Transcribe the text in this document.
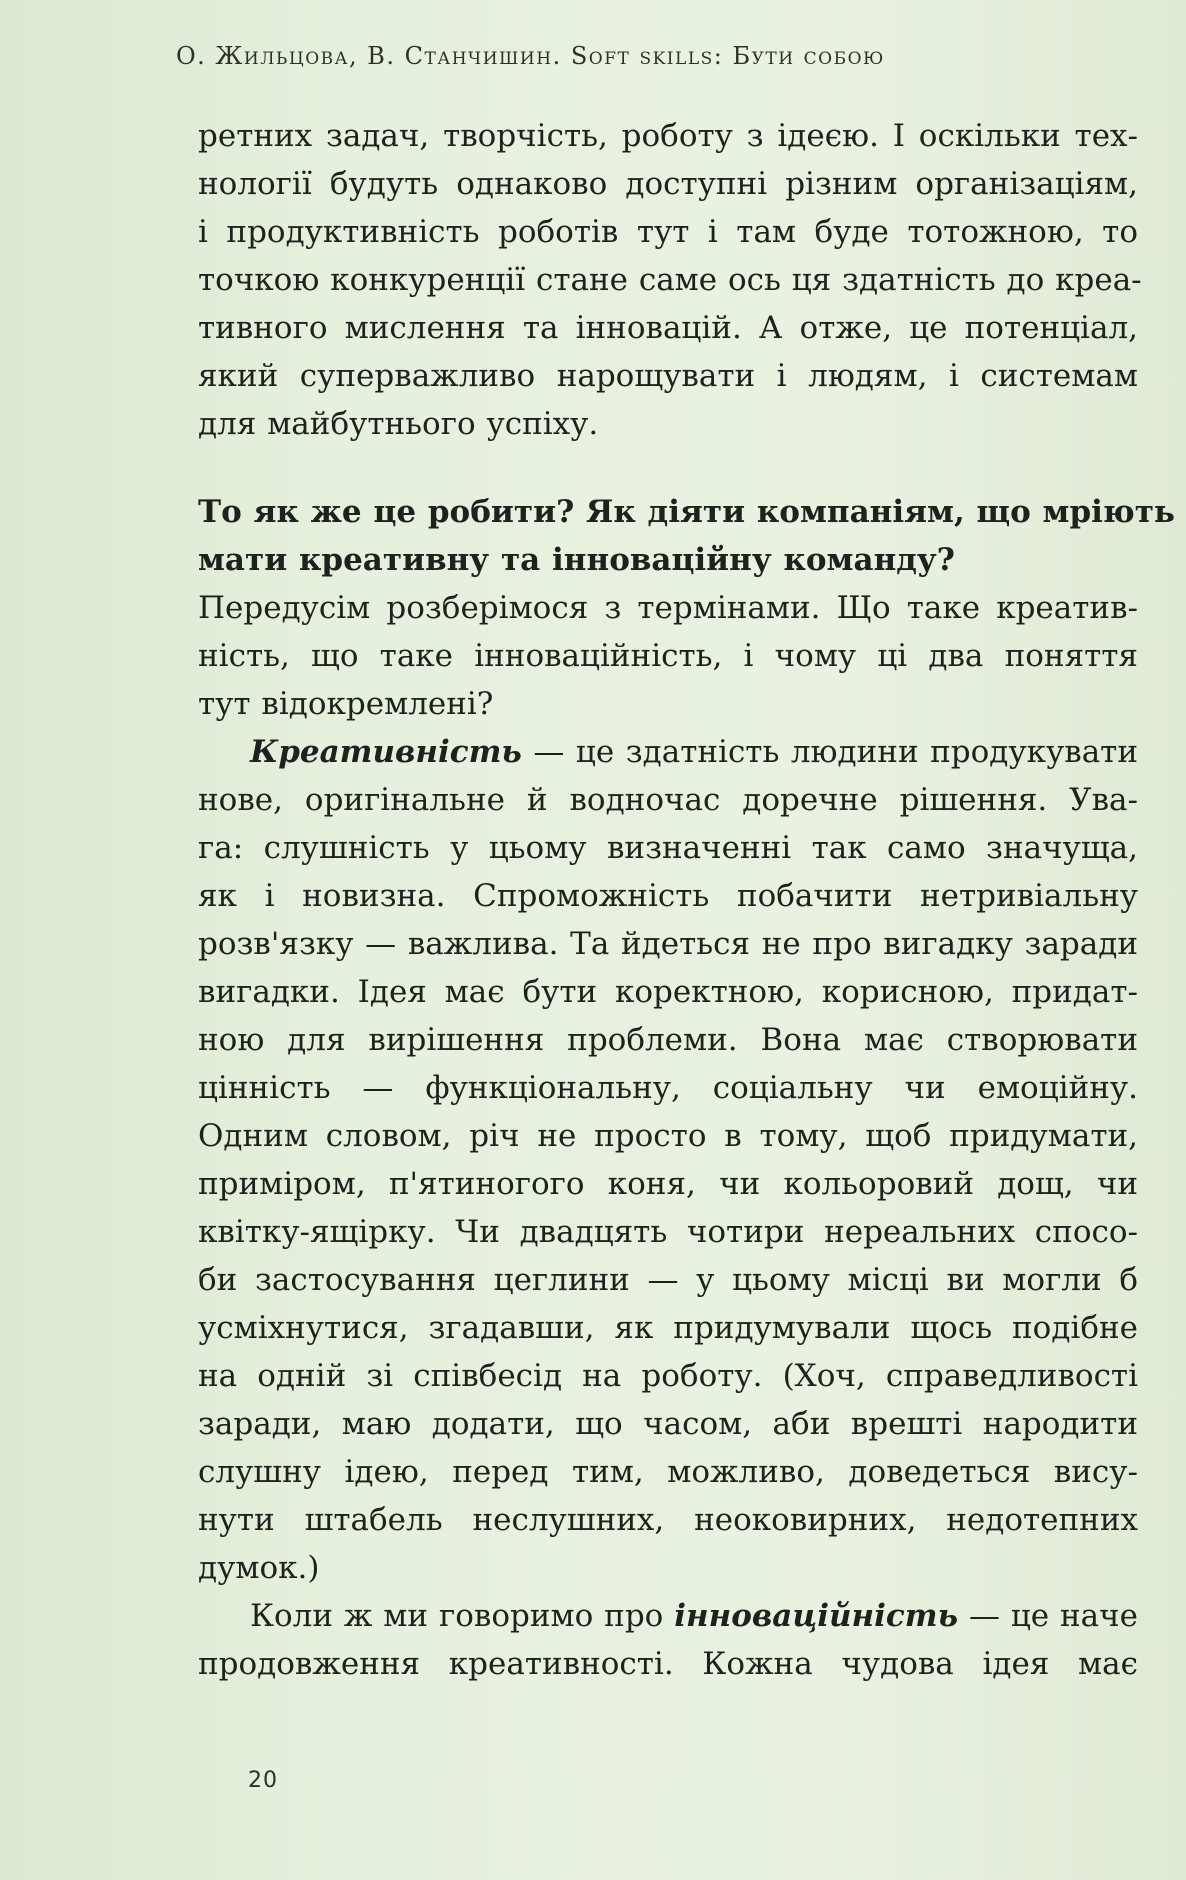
О. Жильцова, В. Станчишин. Soft skills: Бути собою
ретних задач, творчість, роботу з ідеєю. І оскільки тех-
нології будуть однаково доступні різним організаціям,
і продуктивність роботів тут і там буде тотожною, то
точкою конкуренції стане саме ось ця здатність до креа-
тивного мислення та інновацій. А отже, це потенціал,
який суперважливо нарощувати і людям, і системам
для майбутнього успіху.
То як же це робити? Як діяти компаніям, що мріють
мати креативну та інноваційну команду?
Передусім розберімося з термінами. Що таке креатив-
ність, що таке інноваційність, і чому ці два поняття
тут відокремлені?
Креативність — це здатність людини продукувати
нове, оригінальне й водночас доречне рішення. Ува-
га: слушність у цьому визначенні так само значуща,
як і новизна. Спроможність побачити нетривіальну
розв'язку — важлива. Та йдеться не про вигадку заради
вигадки. Ідея має бути коректною, корисною, придат-
ною для вирішення проблеми. Вона має створювати
цінність — функціональну, соціальну чи емоційну.
Одним словом, річ не просто в тому, щоб придумати,
приміром, п'ятиногого коня, чи кольоровий дощ, чи
квітку-ящірку. Чи двадцять чотири нереальних спосо-
би застосування цеглини — у цьому місці ви могли б
усміхнутися, згадавши, як придумували щось подібне
на одній зі співбесід на роботу. (Хоч, справедливості
заради, маю додати, що часом, аби врешті народити
слушну ідею, перед тим, можливо, доведеться вису-
нути штабель неслушних, неоковирних, недотепних
думок.)
Коли ж ми говоримо про інноваційність — це наче
продовження креативності. Кожна чудова ідея має
20
